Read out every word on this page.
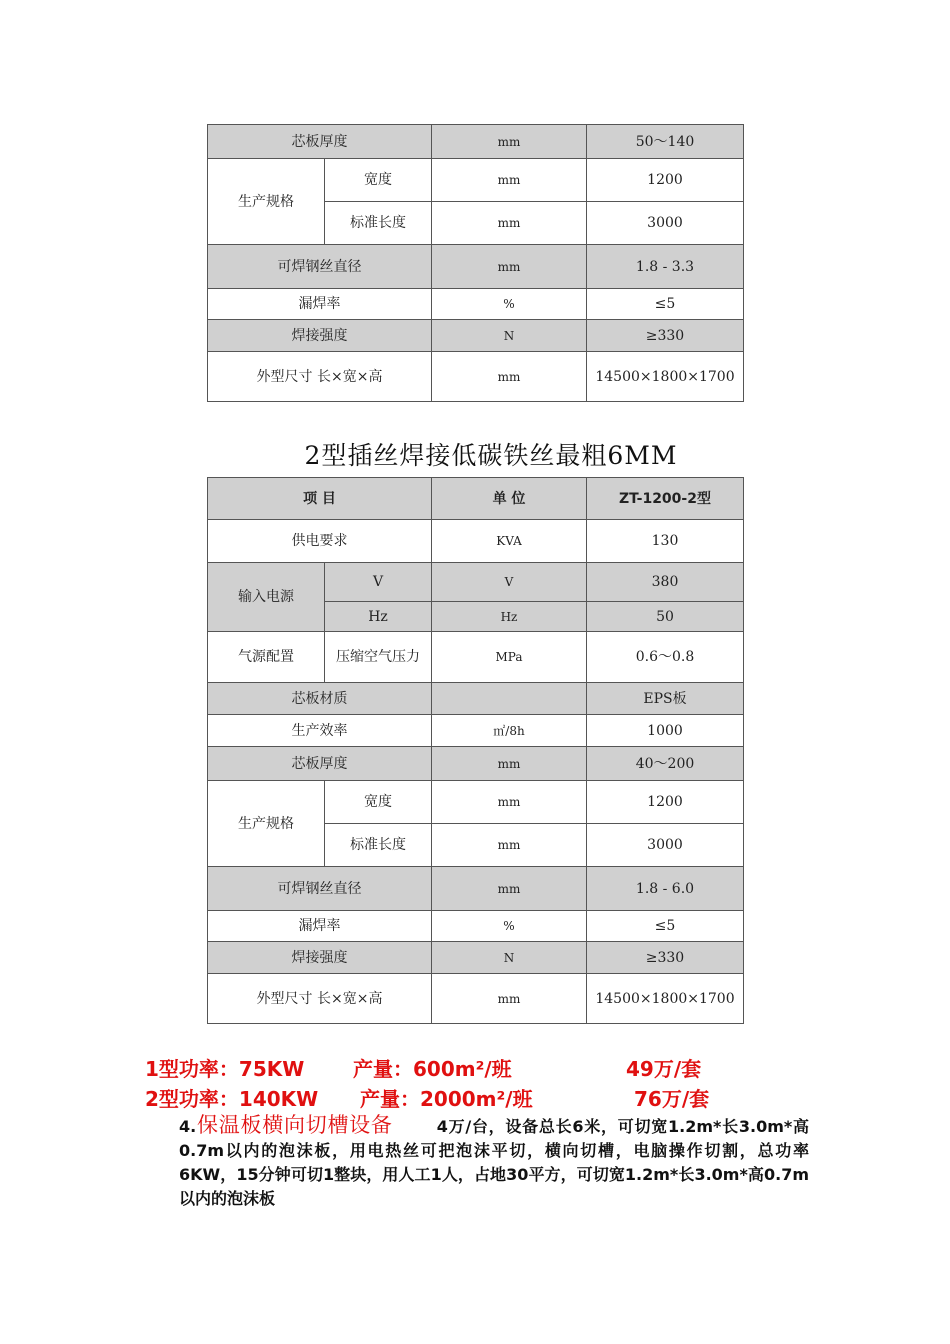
芯板厚度		mm	50～140
生产规格	宽度	mm	1200
	标准长度	mm	3000
可焊钢丝直径		mm	1.8 - 3.3
漏焊率		%	≤5
焊接强度		N	≥330
外型尺寸 长×宽×高		mm	14500×1800×1700
2型插丝焊接低碳铁丝最粗6MM
项 目		单 位	ZT-1200-2型
供电要求		KVA	130
输入电源	V	V	380
	Hz	Hz	50
气源配置	压缩空气压力	MPa	0.6～0.8
芯板材质			EPS板
生产效率		㎡/8h	1000
芯板厚度		mm	40～200
生产规格	宽度	mm	1200
	标准长度	mm	3000
可焊钢丝直径		mm	1.8 - 6.0
漏焊率		%	≤5
焊接强度		N	≥330
外型尺寸 长×宽×高		mm	14500×1800×1700
1型功率：75KW 产量：600m²/班	49万/套
2型功率：140KW 产量：2000m²/班	76万/套
4.保温板横向切槽设备	4万/台，设备总长6米，可切宽1.2m*长3.0m*高0.7m以内的泡沫板，用电热丝可把泡沫平切，横向切槽，电脑操作切割，总功率6KW，15分钟可切1整块，用人工1人，占地30平方，可切宽1.2m*长3.0m*高0.7m以内的泡沫板
